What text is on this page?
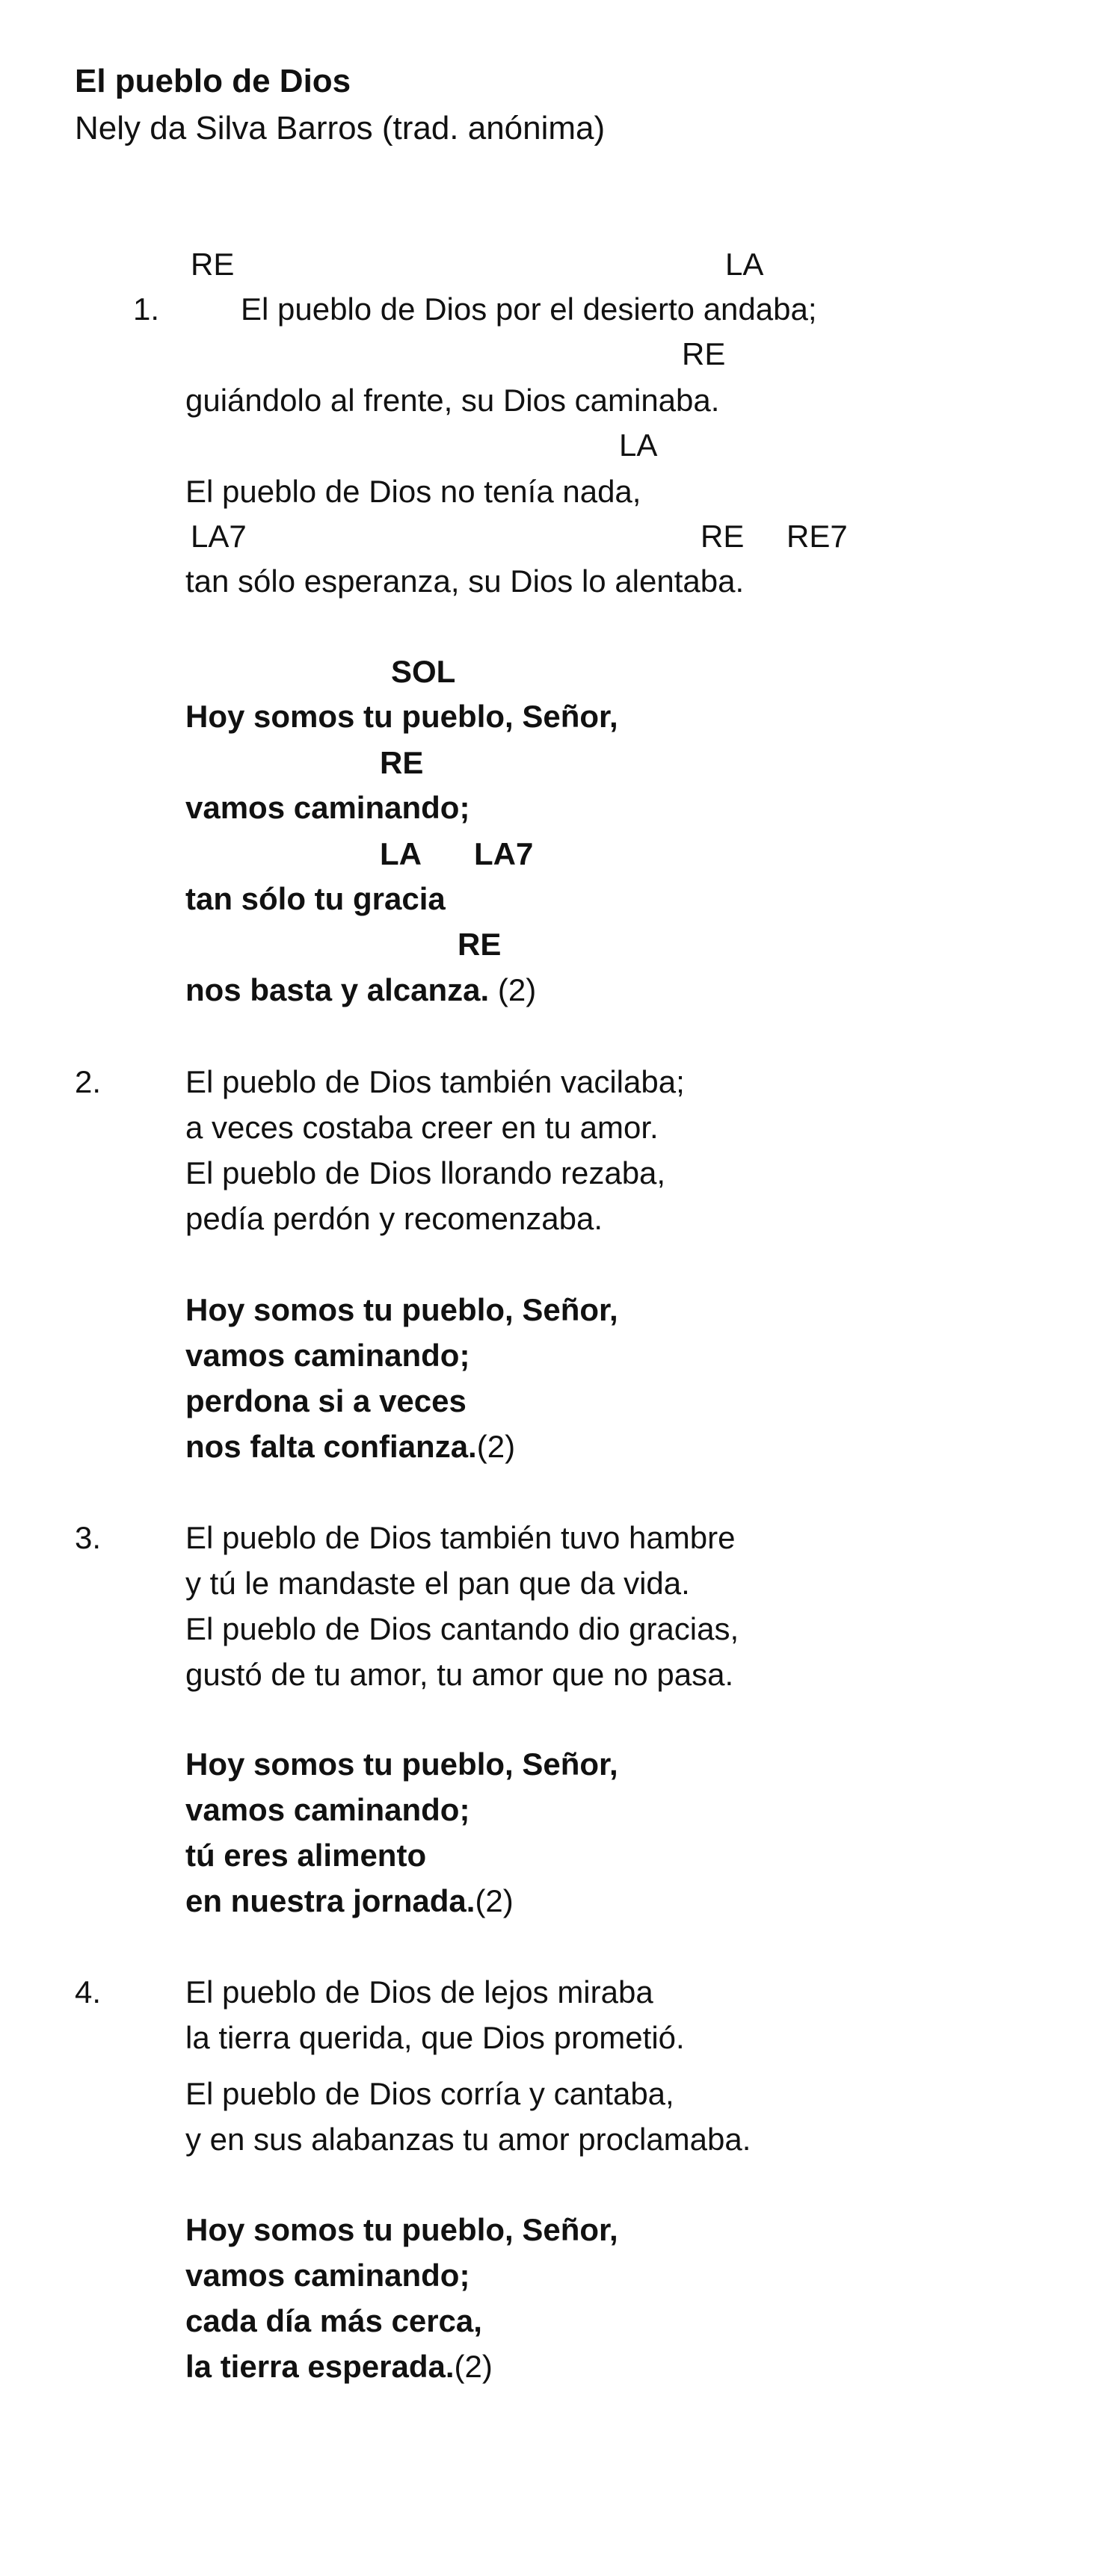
El pueblo de Dios
Nely da Silva Barros (trad. anónima)
RE	LA
1.	El pueblo de Dios por el desierto andaba;
RE
guiándolo al frente, su Dios caminaba.
LA
El pueblo de Dios no tenía nada,
LA7	RE RE7
tan sólo esperanza, su Dios lo alentaba.
SOL
Hoy somos tu pueblo, Señor,
RE
vamos caminando;
LA LA7
tan sólo tu gracia
RE
nos basta y alcanza. (2)
2.	El pueblo de Dios también vacilaba;
a veces costaba creer en tu amor.
El pueblo de Dios llorando rezaba,
pedía perdón y recomenzaba.
Hoy somos tu pueblo, Señor,
vamos caminando;
perdona si a veces
nos falta confianza.(2)
3.	El pueblo de Dios también tuvo hambre
y tú le mandaste el pan que da vida.
El pueblo de Dios cantando dio gracias,
gustó de tu amor, tu amor que no pasa.
Hoy somos tu pueblo, Señor,
vamos caminando;
tú eres alimento
en nuestra jornada.(2)
4.	El pueblo de Dios de lejos miraba
la tierra querida, que Dios prometió.
El pueblo de Dios corría y cantaba,
y en sus alabanzas tu amor proclamaba.
Hoy somos tu pueblo, Señor,
vamos caminando;
cada día más cerca,
la tierra esperada.(2)
